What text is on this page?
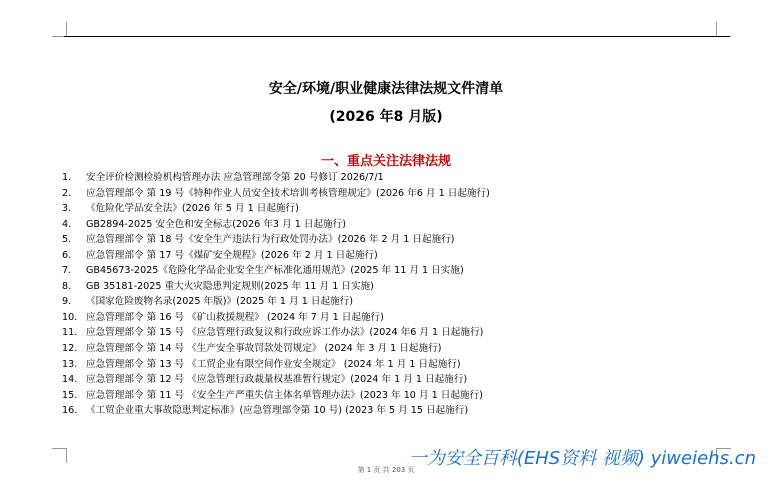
安全/环境/职业健康法律法规文件清单
(2026 年8 月版)
一、重点关注法律法规
1.	安全评价检测检验机构管理办法 应急管理部令第 20 号修订 2026/7/1
2.	应急管理部令 第 19 号《特种作业人员安全技术培训考核管理规定》(2026 年6 月 1 日起施行)
3.	《危险化学品安全法》(2026 年 5 月 1 日起施行)
4.	GB2894-2025 安全色和安全标志(2026 年3 月 1 日起施行)
5.	应急管理部令 第 18 号《安全生产违法行为行政处罚办法》(2026 年 2 月 1 日起施行)
6.	应急管理部令 第 17 号《煤矿安全规程》(2026 年 2 月 1 日起施行)
7.	GB45673-2025《危险化学品企业安全生产标准化通用规范》(2025 年 11 月 1 日实施)
8.	GB 35181-2025 重大火灾隐患判定规则(2025 年 11 月 1 日实施)
9.	《国家危险废物名录(2025 年版)》(2025 年 1 月 1 日起施行)
10. 应急管理部令 第 16 号 《矿山救援规程》 (2024 年 7 月 1 日起施行)
11. 应急管理部令 第 15 号 《应急管理行政复议和行政应诉工作办法》(2024 年6 月 1 日起施行)
12. 应急管理部令 第 14 号 《生产安全事故罚款处罚规定》 (2024 年 3 月 1 日起施行)
13. 应急管理部令 第 13 号 《工贸企业有限空间作业安全规定》 (2024 年 1 月 1 日起施行)
14. 应急管理部令 第 12 号 《应急管理行政裁量权基准暂行规定》(2024 年 1 月 1 日起施行)
15. 应急管理部令 第 11 号 《安全生产严重失信主体名单管理办法》(2023 年 10 月 1 日起施行)
16. 《工贸企业重大事故隐患判定标准》(应急管理部令第 10 号) (2023 年 5 月 15 日起施行)
第 1 页 共 203 页
一为安全百科(EHS资料 视频) yiweiehs.cn
